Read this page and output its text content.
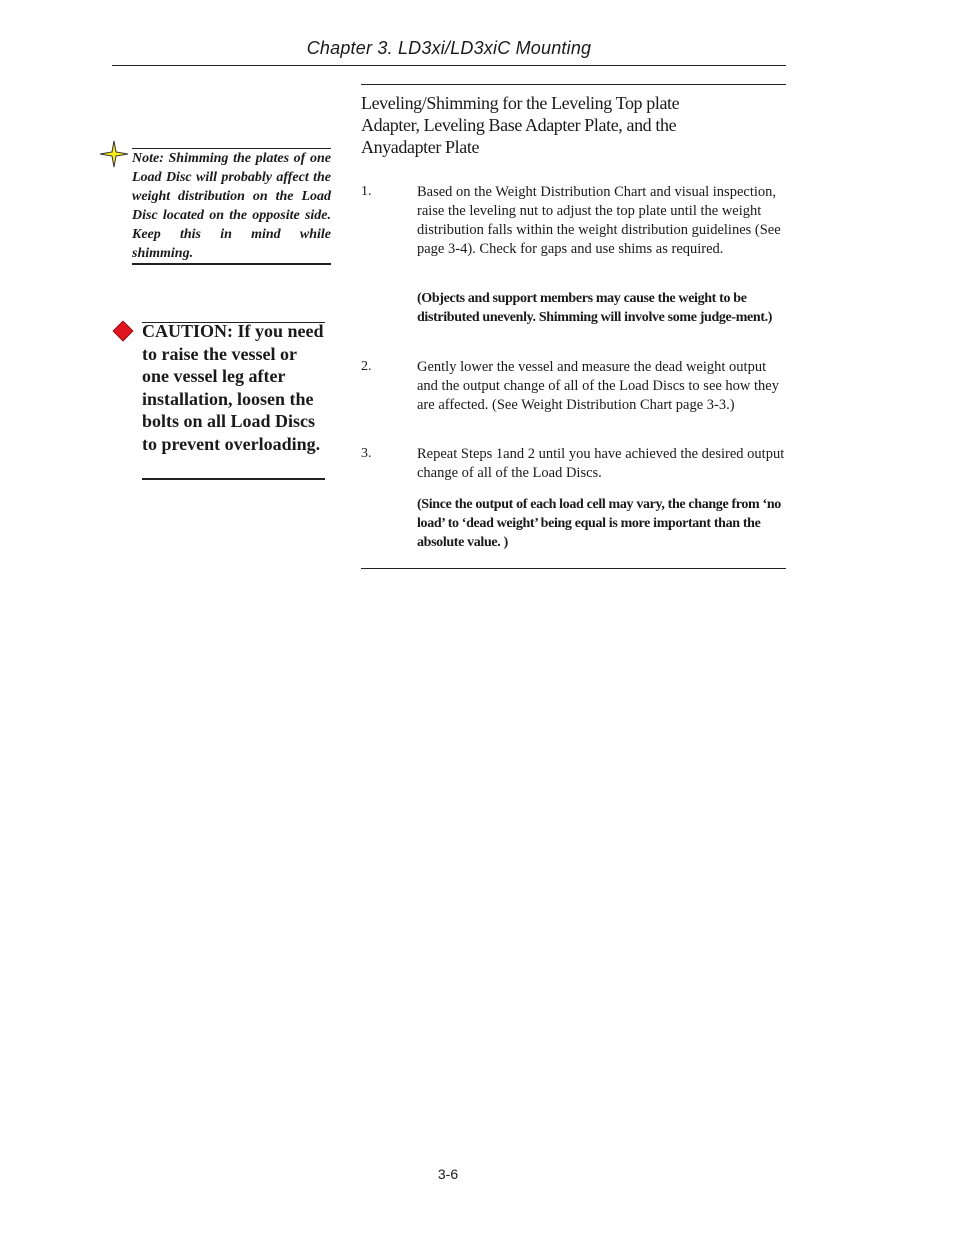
Chapter 3. LD3xi/LD3xiC Mounting
Note: Shimming the plates of one Load Disc will probably affect the weight distribution on the Load Disc located on the opposite side. Keep this in mind while shimming.
CAUTION: If you need to raise the vessel or one vessel leg after installation, loosen the bolts on all Load Discs to prevent overloading.
Leveling/Shimming for the Leveling Top plate Adapter, Leveling Base Adapter Plate, and the Anyadapter Plate
1.	Based on the Weight Distribution Chart and visual inspection, raise the leveling nut to adjust the top plate until the weight distribution falls within the weight distribution guidelines (See page 3-4). Check for gaps and use shims as required.
(Objects and support members may cause the weight to be distributed unevenly. Shimming will involve some judge-ment.)
2.	Gently lower the vessel and measure the dead weight output and the output change of all of the Load Discs to see how they are affected. (See Weight Distribution Chart page 3-3.)
3.	Repeat Steps 1and 2 until you have achieved the desired output change of all of the Load Discs.
(Since the output of each load cell may vary, the change from ‘no load’ to ‘dead weight’ being equal is more important than the absolute value. )
3-6
